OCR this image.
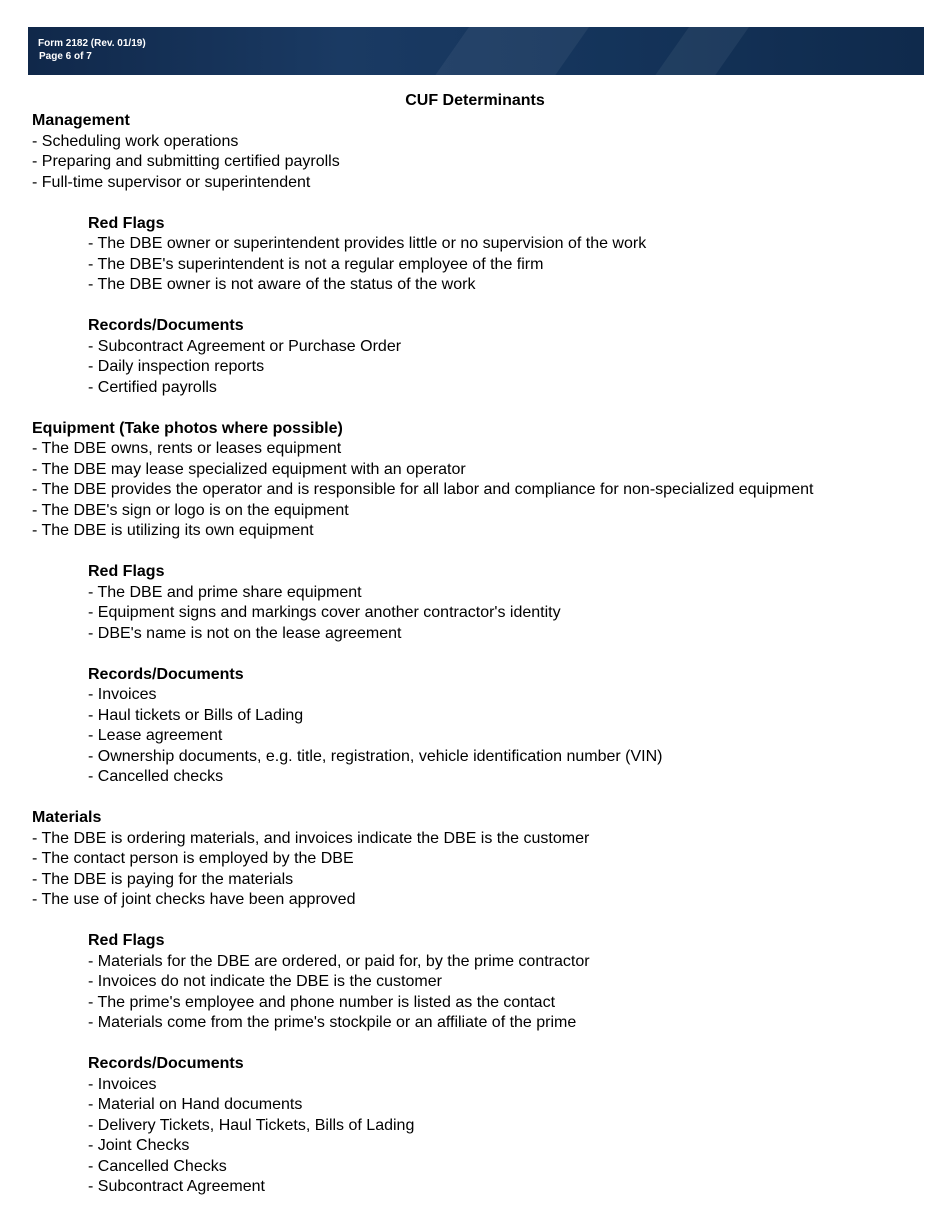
Form 2182 (Rev. 01/19)
Page 6 of 7
CUF Determinants
Management
- Scheduling work operations
- Preparing and submitting certified payrolls
- Full-time supervisor or superintendent
Red Flags
- The DBE owner or superintendent provides little or no supervision of the work
- The DBE's superintendent is not a regular employee of the firm
- The DBE owner is not aware of the status of the work
Records/Documents
- Subcontract Agreement or Purchase Order
- Daily inspection reports
- Certified payrolls
Equipment (Take photos where possible)
- The DBE owns, rents or leases equipment
- The DBE may lease specialized equipment with an operator
- The DBE provides the operator and is responsible for all labor and compliance for non-specialized equipment
- The DBE's sign or logo is on the equipment
- The DBE is utilizing its own equipment
Red Flags
- The DBE and prime share equipment
- Equipment signs and markings cover another contractor's identity
- DBE's name is not on the lease agreement
Records/Documents
- Invoices
- Haul tickets or Bills of Lading
- Lease agreement
- Ownership documents, e.g. title, registration, vehicle identification number (VIN)
- Cancelled checks
Materials
- The DBE is ordering materials, and invoices indicate the DBE is the customer
- The contact person is employed by the DBE
- The DBE is paying for the materials
- The use of joint checks have been approved
Red Flags
- Materials for the DBE are ordered, or paid for, by the prime contractor
- Invoices do not indicate the DBE is the customer
- The prime's employee and phone number is listed as the contact
- Materials come from the prime's stockpile or an affiliate of the prime
Records/Documents
- Invoices
- Material on Hand documents
- Delivery Tickets, Haul Tickets, Bills of Lading
- Joint Checks
- Cancelled Checks
- Subcontract Agreement
